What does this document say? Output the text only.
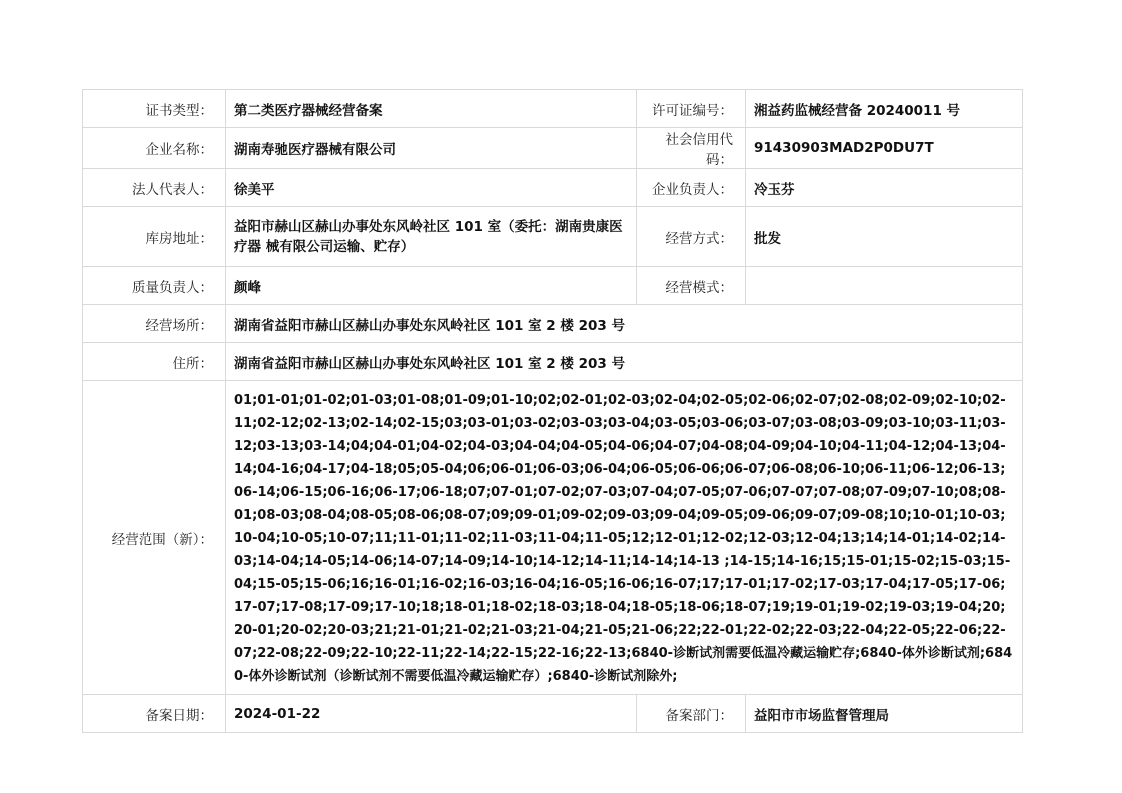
证书类型：	第二类医疗器械经营备案	许可证编号：	湘益药监械经营备 20240011 号
企业名称：	湖南寿驰医疗器械有限公司	社会信用代码：	91430903MAD2P0DU7T
法人代表人：	徐美平	企业负责人：	冷玉芬
库房地址：	益阳市赫山区赫山办事处东风岭社区 101 室（委托：湖南贵康医疗器 械有限公司运输、贮存）	经营方式：	批发
质量负责人：	颜峰	经营模式：	
经营场所：	湖南省益阳市赫山区赫山办事处东风岭社区 101 室 2 楼 203 号		
住所：	湖南省益阳市赫山区赫山办事处东风岭社区 101 室 2 楼 203 号		
经营范围（新）：	01;01-01;01-02;01-03;01-08;01-09;01-10;02;02-01;02-03;02-04;02-05;02-06;02-07;02-08;02-09;02-10;02-11;02-12;02-13;02-14;02-15;03;03-01;03-02;03-03;03-04;03-05;03-06;03-07;03-08;03-09;03-10;03-11;03-12;03-13;03-14;04;04-01;04-02;04-03;04-04;04-05;04-06;04-07;04-08;04-09;04-10;04-11;04-12;04-13;04-14;04-16;04-17;04-18;05;05-04;06;06-01;06-03;06-04;06-05;06-06;06-07;06-08;06-10;06-11;06-12;06-13;06-14;06-15;06-16;06-17;06-18;07;07-01;07-02;07-03;07-04;07-05;07-06;07-07;07-08;07-09;07-10;08;08-01;08-03;08-04;08-05;08-06;08-07;09;09-01;09-02;09-03;09-04;09-05;09-06;09-07;09-08;10;10-01;10-03;10-04;10-05;10-07;11;11-01;11-02;11-03;11-04;11-05;12;12-01;12-02;12-03;12-04;13;14;14-01;14-02;14-03;14-04;14-05;14-06;14-07;14-09;14-10;14-12;14-11;14-14;14-13 ;14-15;14-16;15;15-01;15-02;15-03;15-04;15-05;15-06;16;16-01;16-02;16-03;16-04;16-05;16-06;16-07;17;17-01;17-02;17-03;17-04;17-05;17-06;17-07;17-08;17-09;17-10;18;18-01;18-02;18-03;18-04;18-05;18-06;18-07;19;19-01;19-02;19-03;19-04;20;20-01;20-02;20-03;21;21-01;21-02;21-03;21-04;21-05;21-06;22;22-01;22-02;22-03;22-04;22-05;22-06;22-07;22-08;22-09;22-10;22-11;22-14;22-15;22-16;22-13;6840-诊断试剂需要低温冷藏运输贮存;6840-体外诊断试剂;6840-体外诊断试剂（诊断试剂不需要低温冷藏运输贮存）;6840-诊断试剂除外;		
备案日期：	2024-01-22	备案部门：	益阳市市场监督管理局
